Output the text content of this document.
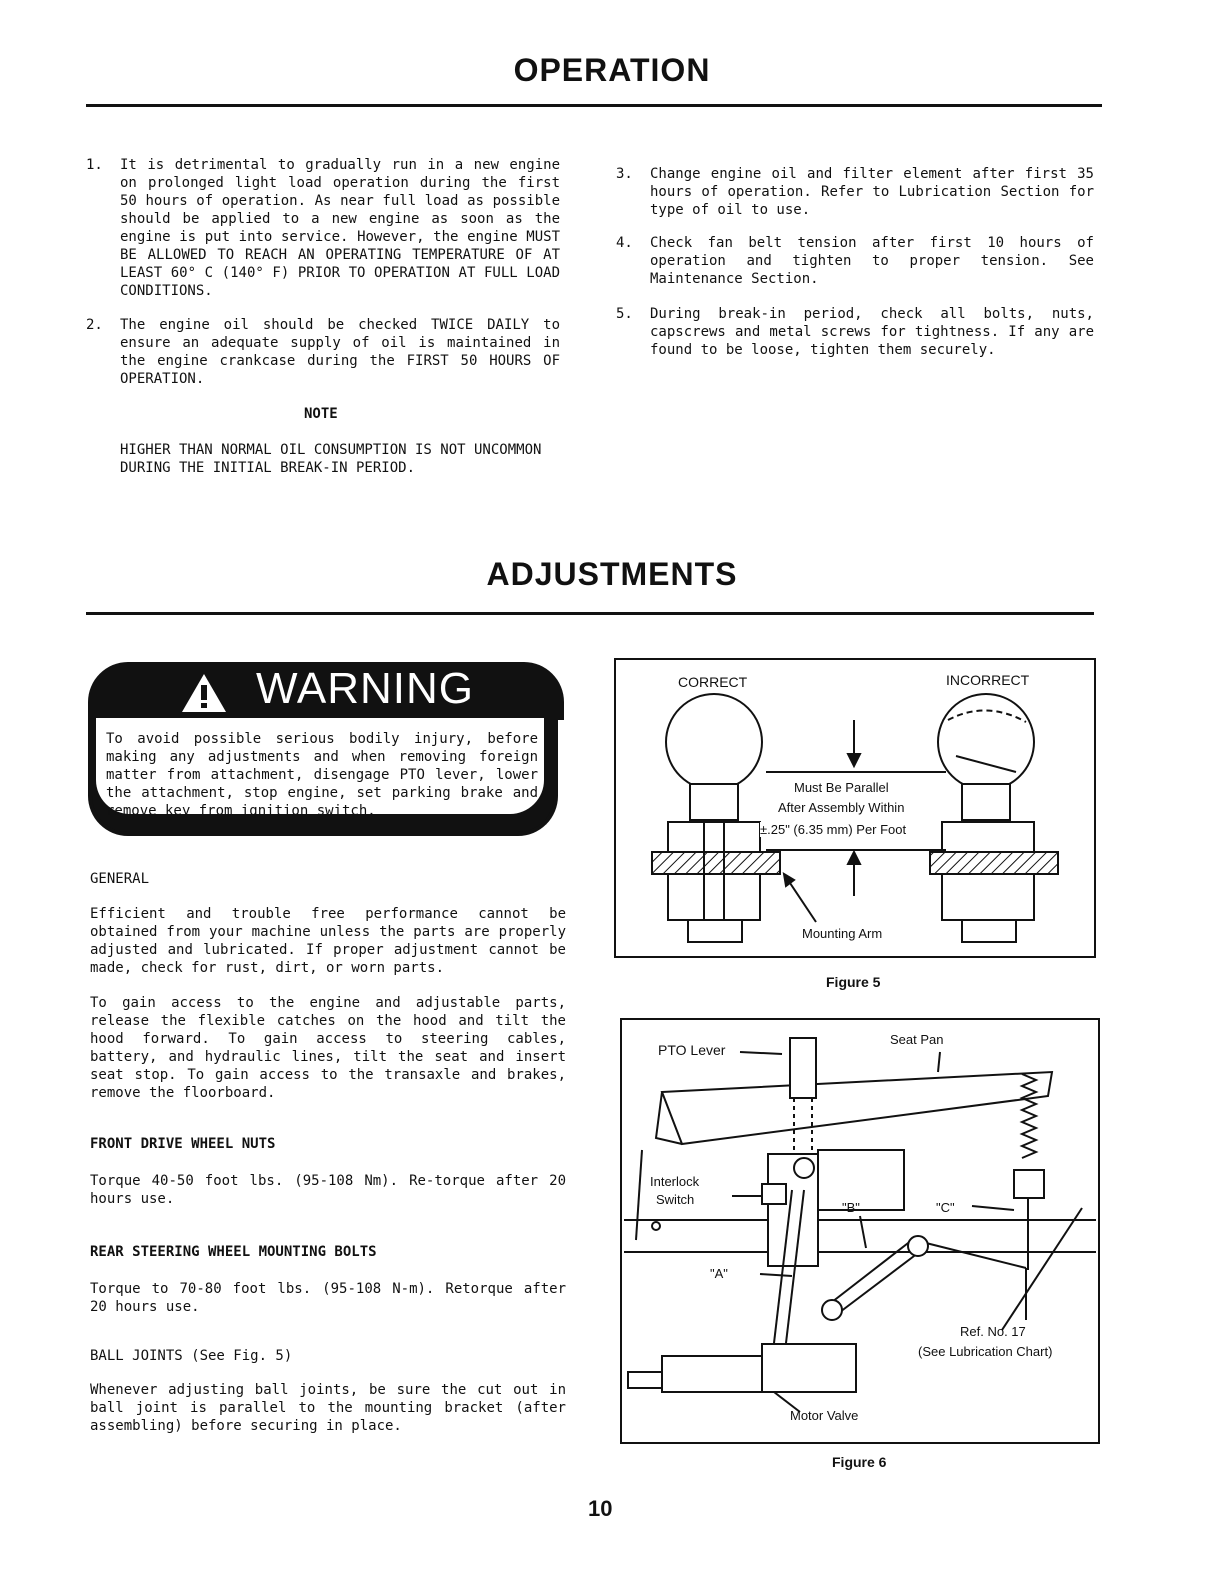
OPERATION
1. It is detrimental to gradually run in a new engine on prolonged light load operation during the first 50 hours of operation. As near full load as possible should be applied to a new engine as soon as the engine is put into service. However, the engine MUST BE ALLOWED TO REACH AN OPERATING TEMPERATURE OF AT LEAST 60° C (140° F) PRIOR TO OPERATION AT FULL LOAD CONDITIONS.
2. The engine oil should be checked TWICE DAILY to ensure an adequate supply of oil is maintained in the engine crankcase during the FIRST 50 HOURS OF OPERATION.
NOTE
HIGHER THAN NORMAL OIL CONSUMPTION IS NOT UNCOMMON DURING THE INITIAL BREAK-IN PERIOD.
3. Change engine oil and filter element after first 35 hours of operation. Refer to Lubrication Section for type of oil to use.
4. Check fan belt tension after first 10 hours of operation and tighten to proper tension. See Maintenance Section.
5. During break-in period, check all bolts, nuts, capscrews and metal screws for tightness. If any are found to be loose, tighten them securely.
ADJUSTMENTS
WARNING
To avoid possible serious bodily injury, before making any adjustments and when removing foreign matter from attachment, disengage PTO lever, lower the attachment, stop engine, set parking brake and remove key from ignition switch.
GENERAL
Efficient and trouble free performance cannot be obtained from your machine unless the parts are properly adjusted and lubricated. If proper adjustment cannot be made, check for rust, dirt, or worn parts.
To gain access to the engine and adjustable parts, release the flexible catches on the hood and tilt the hood forward. To gain access to steering cables, battery, and hydraulic lines, tilt the seat and insert seat stop. To gain access to the transaxle and brakes, remove the floorboard.
FRONT DRIVE WHEEL NUTS
Torque 40-50 foot lbs. (95-108 Nm). Re-torque after 20 hours use.
REAR STEERING WHEEL MOUNTING BOLTS
Torque to 70-80 foot lbs. (95-108 N-m). Retorque after 20 hours use.
BALL JOINTS (See Fig. 5)
Whenever adjusting ball joints, be sure the cut out in ball joint is parallel to the mounting bracket (after assembling) before securing in place.
CORRECT	INCORRECT
Must Be Parallel
After Assembly Within
±.25" (6.35 mm) Per Foot
Mounting Arm
Figure 5
PTO Lever
Seat Pan
Interlock
Switch
"A"
"B"	"C"
Ref. No. 17
(See Lubrication Chart)
Motor Valve
Figure 6
10
